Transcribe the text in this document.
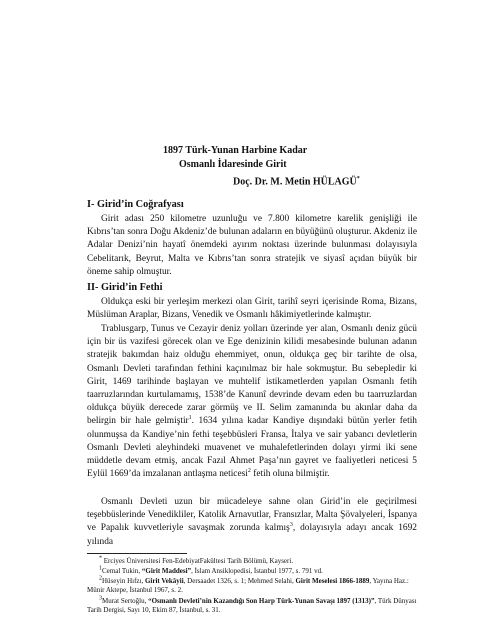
1897 Türk-Yunan Harbine Kadar
Osmanlı İdaresinde Girit
Doç. Dr. M. Metin HÜLAGÜ*
I- Girid’in Coğrafyası

Girit adası 250 kilometre uzunluğu ve 7.800 kilometre karelik genişliği ile Kıbrıs’tan sonra Doğu Akdeniz’de bulunan adaların en büyüğünü oluşturur. Akdeniz ile Adalar Denizi’nin hayatî önemdeki ayırım noktası üzerinde bulunması dolayısıyla Cebelitarık, Beyrut, Malta ve Kıbrıs’tan sonra stratejik ve siyasî açıdan büyük bir öneme sahip olmuştur.

II- Girid’in Fethi

Oldukça eski bir yerleşim merkezi olan Girit, tarihî seyri içerisinde Roma, Bizans, Müslüman Araplar, Bizans, Venedik ve Osmanlı hâkimiyetlerinde kalmıştır.

Trablusgarp, Tunus ve Cezayir deniz yolları üzerinde yer alan, Osmanlı deniz gücü için bir üs vazifesi görecek olan ve Ege denizinin kilidi mesabesinde bulunan adanın stratejik bakımdan haiz olduğu ehemmiyet, onun, oldukça geç bir tarihte de olsa, Osmanlı Devleti tarafından fethini kaçınılmaz bir hale sokmuştur. Bu sebepledir ki Girit, 1469 tarihinde başlayan ve muhtelif istikametlerden yapılan Osmanlı fetih taarruzlarından kurtulamamış, 1538’de Kanunî devrinde devam eden bu taarruzlardan oldukça büyük derecede zarar görmüş ve II. Selim zamanında bu akınlar daha da belirgin bir hale gelmiştir$^1$. 1634 yılına kadar Kandiye dışındaki bütün yerler fetih olunmuşsa da Kandiye’nin fethi teşebbüsleri Fransa, İtalya ve sair yabancı devletlerin Osmanlı Devleti aleyhindeki muavenet ve muhalefetlerinden dolayı yirmi iki sene müddetle devam etmiş, ancak Fazıl Ahmet Paşa’nın gayret ve faaliyetleri neticesi 5 Eylül 1669’da imzalanan antlaşma neticesi$^2$ fetih oluna bilmiştir.

Osmanlı Devleti uzun bir mücadeleye sahne olan Girid’in ele geçirilmesi teşebbüslerinde Venedikliler, Katolik Arnavutlar, Fransızlar, Malta Şövalyeleri, İspanya ve Papalık kuvvetleriyle savaşmak zorunda kalmış$^3$, dolayısıyla adayı ancak 1692 yılında

* Erciyes Üniversitesi Fen-EdebiyatFakültesi Tarih Bölümü, Kayseri.

$^1$Cemal Tukin, “Girit Maddesi”, İslam Ansiklopedisi, İstanbul 1977, s. 791 vd.

$^2$Hüseyin Hıfzı, Girit Vekâyii, Dersaadet 1326, s. 1; Mehmed Selahi, Girit Meselesi 1866-1889, Yayına Haz.: Münir Aktepe, İstanbul 1967, s. 2.

$^3$Murat Sertoğlu, “Osmanlı Devleti’nin Kazandığı Son Harp Türk-Yunan Savaşı 1897 (1313)”, Türk Dünyası Tarih Dergisi, Sayı 10, Ekim 87, İstanbul, s. 31.
